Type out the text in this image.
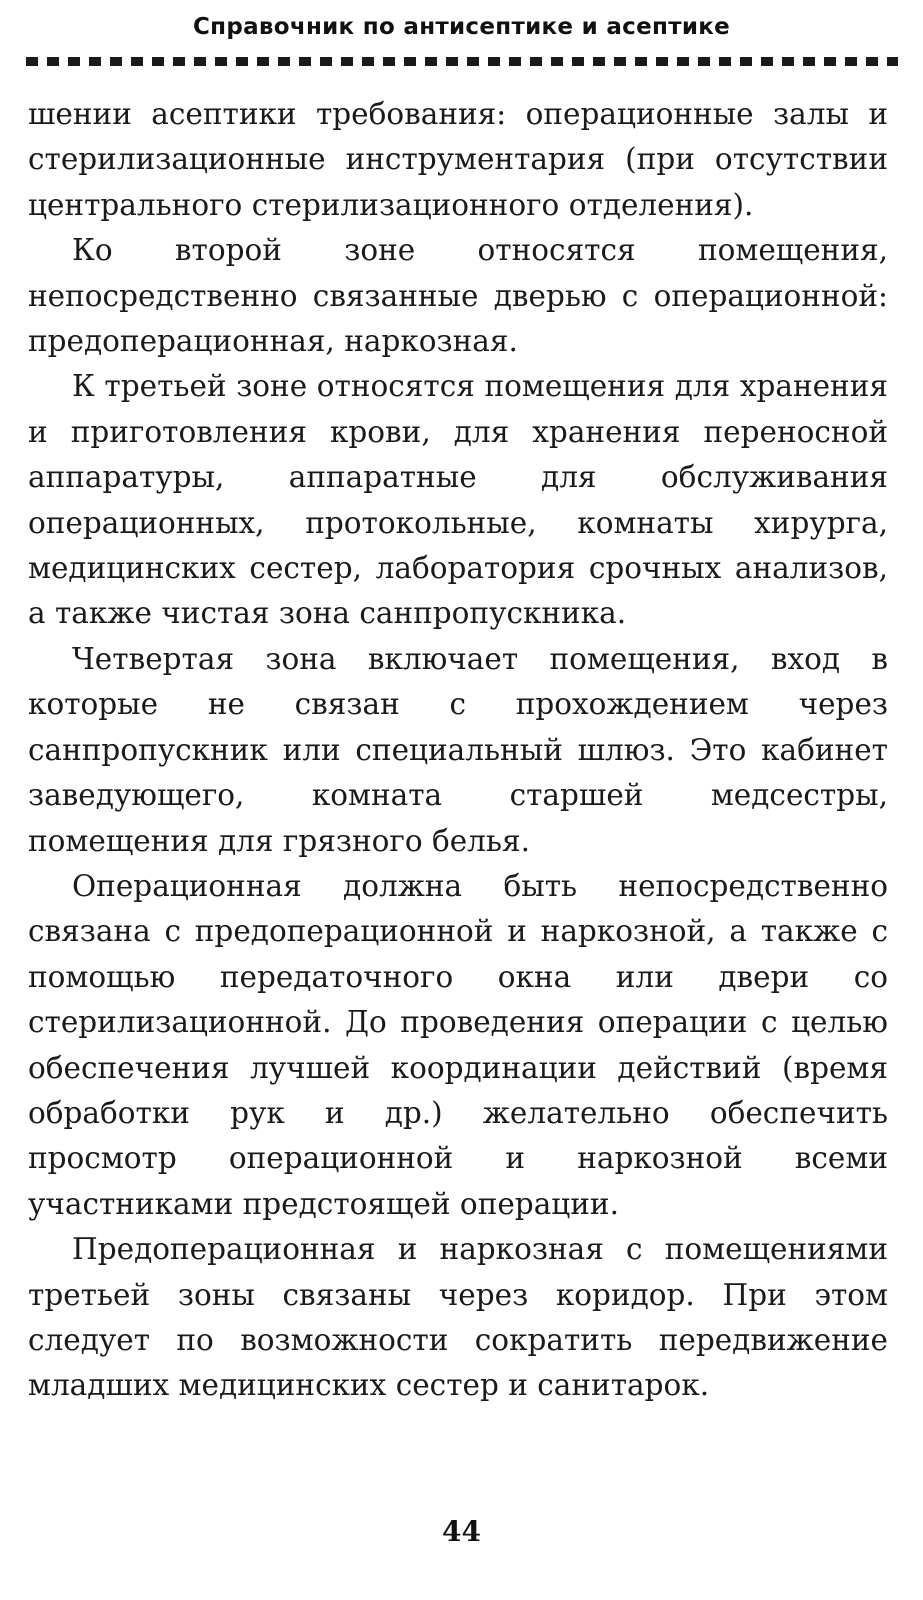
Справочник по антисептике и асептике

шении асептики требования: операционные залы и стерилизационные инструментария (при отсутствии центрального стерилизационного отделения).

Ко второй зоне относятся помещения, непосредственно связанные дверью с операционной: предоперационная, наркозная.

К третьей зоне относятся помещения для хранения и приготовления крови, для хранения переносной аппаратуры, аппаратные для обслуживания операционных, протокольные, комнаты хирурга, медицинских сестер, лаборатория срочных анализов, а также чистая зона санпропускника.

Четвертая зона включает помещения, вход в которые не связан с прохождением через санпропускник или специальный шлюз. Это кабинет заведующего, комната старшей медсестры, помещения для грязного белья.

Операционная должна быть непосредственно связана с предоперационной и наркозной, а также с помощью передаточного окна или двери со стерилизационной. До проведения операции с целью обеспечения лучшей координации действий (время обработки рук и др.) желательно обеспечить просмотр операционной и наркозной всеми участниками предстоящей операции.

Предоперационная и наркозная с помещениями третьей зоны связаны через коридор. При этом следует по возможности сократить передвижение младших медицинских сестер и санитарок.

44
